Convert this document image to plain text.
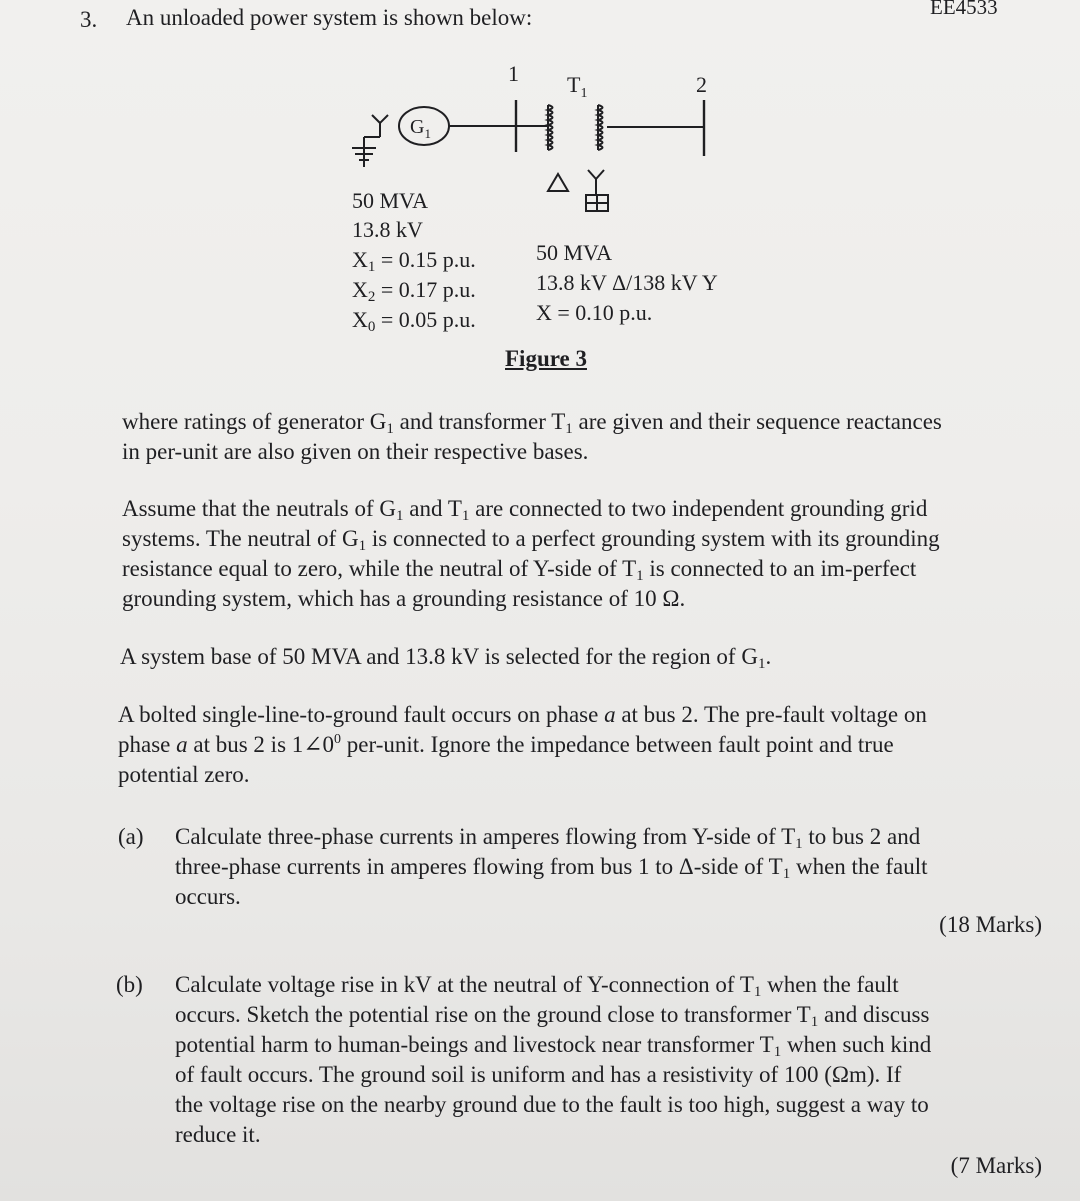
EE4533
3. An unloaded power system is shown below:
1	2
$T_1$
$G_1$
50 MVA
13.8 kV
$X_1 = 0.15$ p.u.
$X_2 = 0.17$ p.u.
$X_0 = 0.05$ p.u.
50 MVA
13.8 kV Δ/138 kV Y
X = 0.10 p.u.
Figure 3
where ratings of generator $G_1$ and transformer $T_1$ are given and their sequence reactances
in per-unit are also given on their respective bases.
Assume that the neutrals of $G_1$ and $T_1$ are connected to two independent grounding grid
systems. The neutral of $G_1$ is connected to a perfect grounding system with its grounding
resistance equal to zero, while the neutral of Y-side of $T_1$ is connected to an im-perfect
grounding system, which has a grounding resistance of 10 Ω.
A system base of 50 MVA and 13.8 kV is selected for the region of $G_1$.
A bolted single-line-to-ground fault occurs on phase a at bus 2. The pre-fault voltage on
phase a at bus 2 is $1\angle 0^0$ per-unit. Ignore the impedance between fault point and true
potential zero.
(a) Calculate three-phase currents in amperes flowing from Y-side of $T_1$ to bus 2 and
three-phase currents in amperes flowing from bus 1 to Δ-side of $T_1$ when the fault
occurs.
(18 Marks)
(b) Calculate voltage rise in kV at the neutral of Y-connection of $T_1$ when the fault
occurs. Sketch the potential rise on the ground close to transformer $T_1$ and discuss
potential harm to human-beings and livestock near transformer $T_1$ when such kind
of fault occurs. The ground soil is uniform and has a resistivity of 100 (Ωm). If
the voltage rise on the nearby ground due to the fault is too high, suggest a way to
reduce it.
(7 Marks)
